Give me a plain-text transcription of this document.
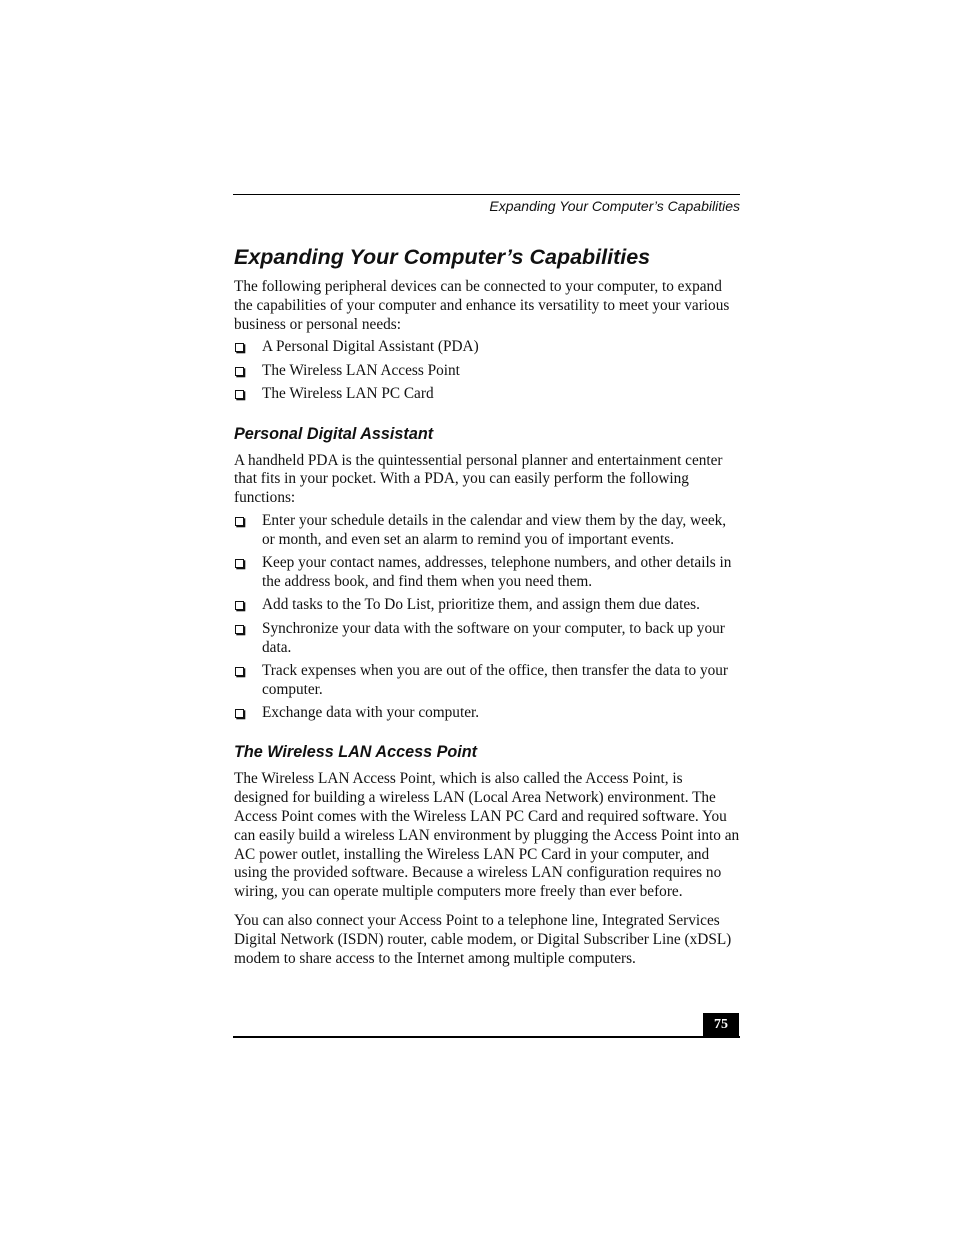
Expanding Your Computer’s Capabilities
Expanding Your Computer’s Capabilities

The following peripheral devices can be connected to your computer, to expand the capabilities of your computer and enhance its versatility to meet your various business or personal needs:

A Personal Digital Assistant (PDA)
The Wireless LAN Access Point
The Wireless LAN PC Card
Personal Digital Assistant

A handheld PDA is the quintessential personal planner and entertainment center that fits in your pocket. With a PDA, you can easily perform the following functions:

Enter your schedule details in the calendar and view them by the day, week, or month, and even set an alarm to remind you of important events.
Keep your contact names, addresses, telephone numbers, and other details in the address book, and find them when you need them.
Add tasks to the To Do List, prioritize them, and assign them due dates.
Synchronize your data with the software on your computer, to back up your data.
Track expenses when you are out of the office, then transfer the data to your computer.
Exchange data with your computer.
The Wireless LAN Access Point

The Wireless LAN Access Point, which is also called the Access Point, is designed for building a wireless LAN (Local Area Network) environment. The Access Point comes with the Wireless LAN PC Card and required software. You can easily build a wireless LAN environment by plugging the Access Point into an AC power outlet, installing the Wireless LAN PC Card in your computer, and using the provided software. Because a wireless LAN configuration requires no wiring, you can operate multiple computers more freely than ever before.

You can also connect your Access Point to a telephone line, Integrated Services Digital Network (ISDN) router, cable modem, or Digital Subscriber Line (xDSL) modem to share access to the Internet among multiple computers.

75
